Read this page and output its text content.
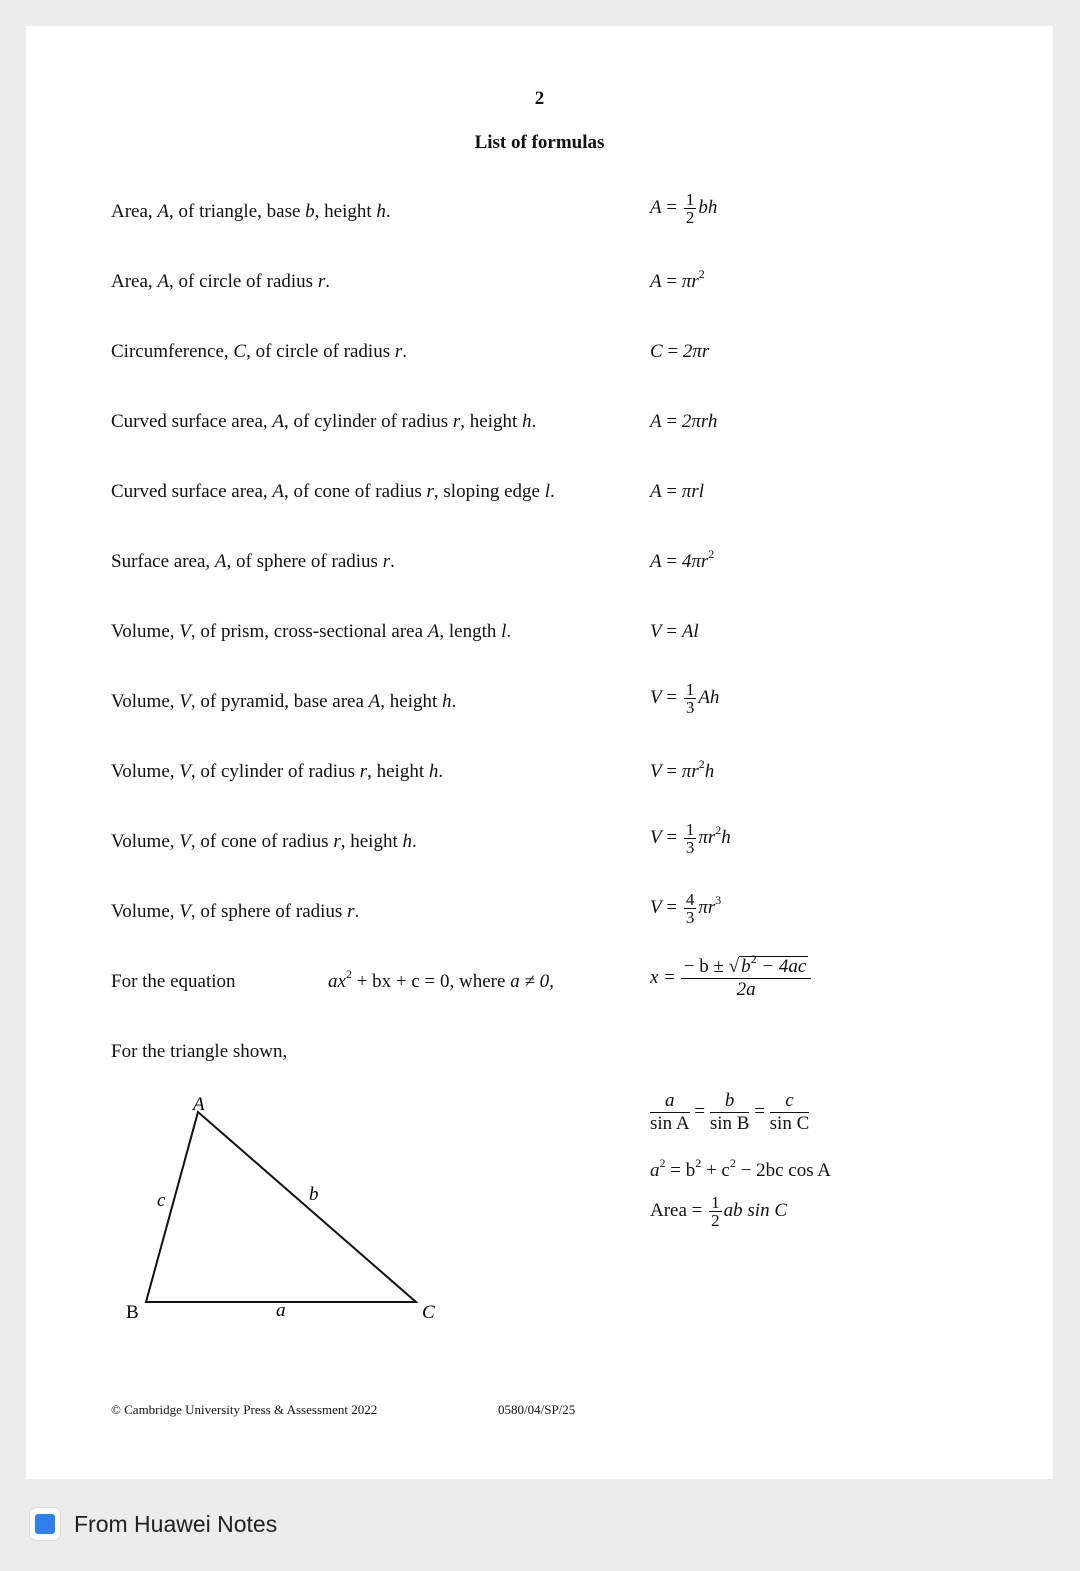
2
List of formulas
For the equation	$ax^2$ + bx + c = 0, where a ≠ 0,	$x = \frac{- b \pm √ b^2 - 4ac}{2a}$
For the triangle shown,
A
B	C
a
b
c
$\frac{a}{\text{sin A}} = \frac{b}{\text{sin B}} = \frac{c}{\text{sin C}}$
$a^2 = b^2 + c^2 - 2bc$ cos A
Area = $\frac{1}{2}$ ab sin C
© Cambridge University Press & Assessment 2022	0580/04/SP/25
Area, A, of triangle, base b, height h.	$A = \frac{1}{2}$ bh
Area, A, of circle of radius r.	$A = \pi r^2$
Circumference, C, of circle of radius r.	C = 2πr
Curved surface area, A, of cylinder of radius r, height h.	A = 2πrh
Curved surface area, A, of cone of radius r, sloping edge l.	A = πrl
Surface area, A, of sphere of radius r.	$A = 4\pi r^2$
Volume, V, of prism, cross-sectional area A, length l.	V = Al
Volume, V, of pyramid, base area A, height h.	$V = \frac{1}{3}$ Ah
Volume, V, of cylinder of radius r, height h.	$V = \pi r^2h$
Volume, V, of cone of radius r, height h.	$V = \frac{1}{3} \pi r^2h$
Volume, V, of sphere of radius r.	$V = \frac{4}{3} \pi r^3$
From Huawei Notes
